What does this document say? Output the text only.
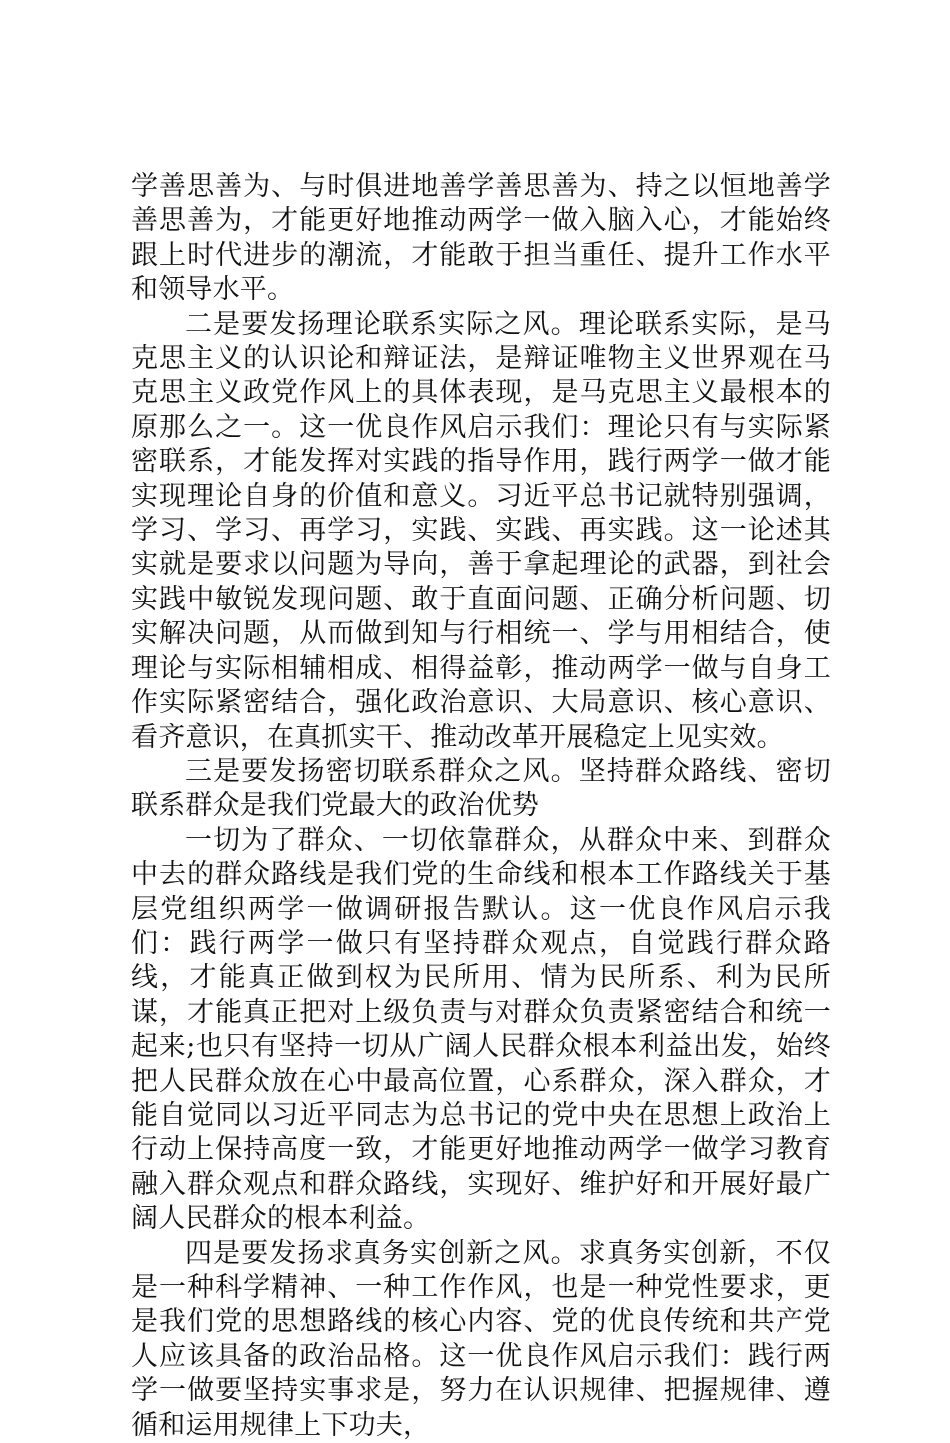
学善思善为、与时俱进地善学善思善为、持之以恒地善学善思善为，才能更好地推动两学一做入脑入心，才能始终跟上时代进步的潮流，才能敢于担当重任、提升工作水平和领导水平。

二是要发扬理论联系实际之风。理论联系实际，是马克思主义的认识论和辩证法，是辩证唯物主义世界观在马克思主义政党作风上的具体表现，是马克思主义最根本的原那么之一。这一优良作风启示我们：理论只有与实际紧密联系，才能发挥对实践的指导作用，践行两学一做才能实现理论自身的价值和意义。习近平总书记就特别强调，学习、学习、再学习，实践、实践、再实践。这一论述其实就是要求以问题为导向，善于拿起理论的武器，到社会实践中敏锐发现问题、敢于直面问题、正确分析问题、切实解决问题，从而做到知与行相统一、学与用相结合，使理论与实际相辅相成、相得益彰，推动两学一做与自身工作实际紧密结合，强化政治意识、大局意识、核心意识、看齐意识，在真抓实干、推动改革开展稳定上见实效。

三是要发扬密切联系群众之风。坚持群众路线、密切联系群众是我们党最大的政治优势

一切为了群众、一切依靠群众，从群众中来、到群众中去的群众路线是我们党的生命线和根本工作路线关于基层党组织两学一做调研报告默认。这一优良作风启示我们：践行两学一做只有坚持群众观点，自觉践行群众路线，才能真正做到权为民所用、情为民所系、利为民所谋，才能真正把对上级负责与对群众负责紧密结合和统一起来;也只有坚持一切从广阔人民群众根本利益出发，始终把人民群众放在心中最高位置，心系群众，深入群众，才能自觉同以习近平同志为总书记的党中央在思想上政治上行动上保持高度一致，才能更好地推动两学一做学习教育融入群众观点和群众路线，实现好、维护好和开展好最广阔人民群众的根本利益。

四是要发扬求真务实创新之风。求真务实创新，不仅是一种科学精神、一种工作作风，也是一种党性要求，更是我们党的思想路线的核心内容、党的优良传统和共产党人应该具备的政治品格。这一优良作风启示我们：践行两学一做要坚持实事求是，努力在认识规律、把握规律、遵循和运用规律上下功夫，
